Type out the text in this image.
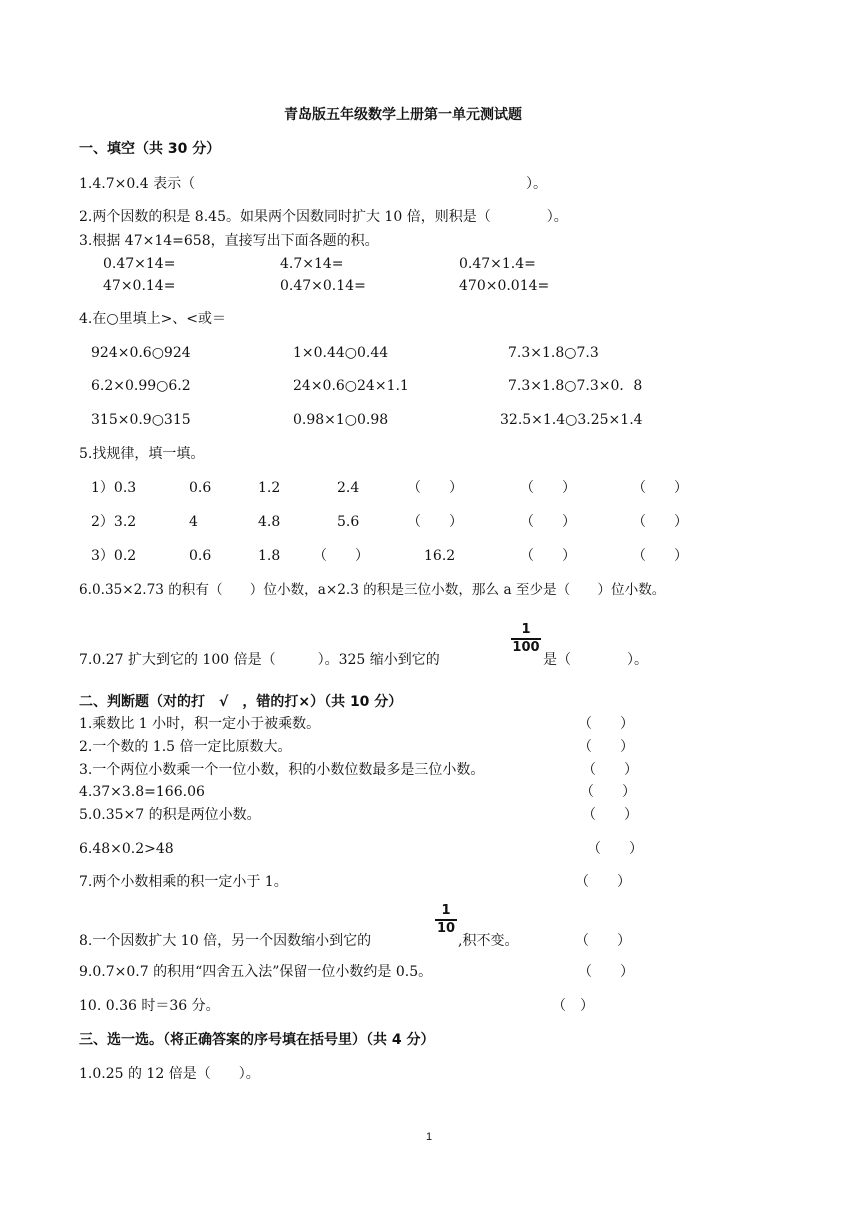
青岛版五年级数学上册第一单元测试题
一、填空（共 30 分）
1.4.7×0.4 表示（	）。
2.两个因数的积是 8.45。如果两个因数同时扩大 10 倍，则积是（　　　　）。
3.根据 47×14=658，直接写出下面各题的积。
0.47×14=	4.7×14=	0.47×1.4=
47×0.14=	0.47×0.14=	470×0.014=
4.在○里填上>、<或＝
924×0.6○924	1×0.44○0.44	7.3×1.8○7.3
6.2×0.99○6.2	24×0.6○24×1.1	7.3×1.8○7.3×0．8
315×0.9○315	0.98×1○0.98	32.5×1.4○3.25×1.4
5.找规律，填一填。
1）0.3	0.6	1.2	2.4	（　　）	（　　）	（　　）
2）3.2	4	4.8	5.6	（　　）	（　　）	（　　）
3）0.2	0.6	1.8 （　　）	16.2	（　　）	（　　）
6.0.35×2.73 的积有（　　）位小数，a×2.3 的积是三位小数，那么 a 至少是（　　）位小数。
7.0.27 扩大到它的 100 倍是（　　　）。325 缩小到它的
1
100
是（　　　　）。
二、判断题（对的打　√　，错的打×）（共 10 分）
1.乘数比 1 小时，积一定小于被乘数。	（　　）
2.一个数的 1.5 倍一定比原数大。	（　　）
3.一个两位小数乘一个一位小数，积的小数位数最多是三位小数。	（　　）
4.37×3.8=166.06	（　　）
5.0.35×7 的积是两位小数。	（　　）
6.48×0.2>48	（　　）
7.两个小数相乘的积一定小于 1。	（　　）
8.一个因数扩大 10 倍，另一个因数缩小到它的
1
10
,积不变。	（　　）
9.0.7×0.7 的积用“四舍五入法”保留一位小数约是 0.5。	（　　）
10. 0.36 时＝36 分。	（　）
三、选一选。（将正确答案的序号填在括号里）（共 4 分）
1.0.25 的 12 倍是（　　）。
1
